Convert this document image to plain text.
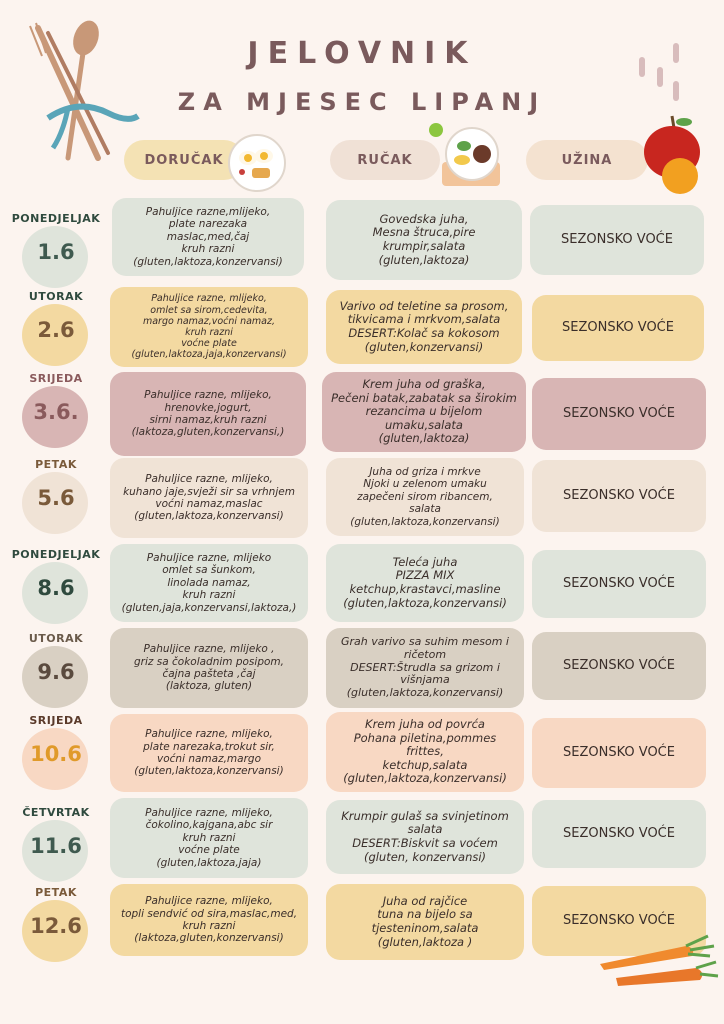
JELOVNIK
ZA MJESEC LIPANJ
DORUČAK	RUČAK	UŽINA
PONEDJELJAK
1.6
Pahuljice razne,mlijeko,
plate narezaka
maslac,med,čaj
kruh razni
(gluten,laktoza,konzervansi)
Govedska juha,
Mesna štruca,pire
krumpir,salata
(gluten,laktoza)
SEZONSKO VOĆE
UTORAK
2.6
Pahuljice razne, mlijeko,
omlet sa sirom,cedevita,
margo namaz,voćni namaz,
kruh razni
voćne plate
(gluten,laktoza,jaja,konzervansi)
Varivo od teletine sa prosom,
tikvicama i mrkvom,salata
DESERT:Kolač sa kokosom
(gluten,konzervansi)
SEZONSKO VOĆE
SRIJEDA
3.6.
Pahuljice razne, mlijeko,
hrenovke,jogurt,
sirni namaz,kruh razni
(laktoza,gluten,konzervansi,)
Krem juha od graška,
Pečeni batak,zabatak sa širokim
rezancima u bijelom umaku,salata
(gluten,laktoza)
SEZONSKO VOĆE
PETAK
5.6
Pahuljice razne, mlijeko,
kuhano jaje,svježi sir sa vrhnjem
voćni namaz,maslac
(gluten,laktoza,konzervansi)
Juha od griza i mrkve
Njoki u zelenom umaku
zapečeni sirom ribancem,
salata
(gluten,laktoza,konzervansi)
SEZONSKO VOĆE
PONEDJELJAK
8.6
Pahuljice razne, mlijeko
omlet sa šunkom,
linolada namaz,
kruh razni
(gluten,jaja,konzervansi,laktoza,)
Teleća juha
PIZZA MIX
ketchup,krastavci,masline
(gluten,laktoza,konzervansi)
SEZONSKO VOĆE
UTORAK
9.6
Pahuljice razne, mlijeko ,
griz sa čokoladnim posipom,
čajna pašteta ,čaj
(laktoza, gluten)
Grah varivo sa suhim mesom i
ričetom
DESERT:Štrudla sa grizom i
višnjama
(gluten,laktoza,konzervansi)
SEZONSKO VOĆE
SRIJEDA
10.6
Pahuljice razne, mlijeko,
plate narezaka,trokut sir,
voćni namaz,margo
(gluten,laktoza,konzervansi)
Krem juha od povrća
Pohana piletina,pommes frittes,
ketchup,salata
(gluten,laktoza,konzervansi)
SEZONSKO VOĆE
ČETVRTAK
11.6
Pahuljice razne, mlijeko,
čokolino,kajgana,abc sir
kruh razni
voćne plate
(gluten,laktoza,jaja)
Krumpir gulaš sa svinjetinom
salata
DESERT:Biskvit sa voćem
(gluten, konzervansi)
SEZONSKO VOĆE
PETAK
12.6
Pahuljice razne, mlijeko,
topli sendvić od sira,maslac,med,
kruh razni
(laktoza,gluten,konzervansi)
Juha od rajčice
tuna na bijelo sa
tjesteninom,salata
(gluten,laktoza )
SEZONSKO VOĆE
